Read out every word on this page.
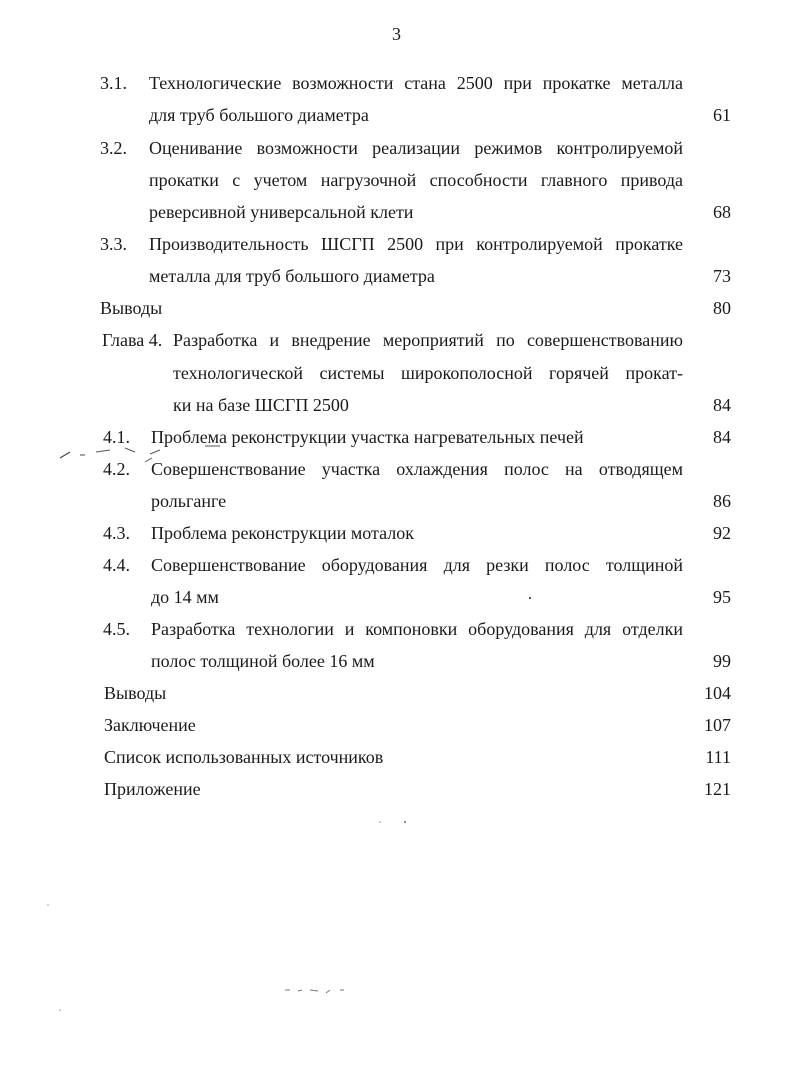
3
3.1. Технологические возможности стана 2500 при прокатке металла
для труб большого диаметра	61
3.2. Оценивание возможности реализации режимов контролируемой
прокатки с учетом нагрузочной способности главного привода
реверсивной универсальной клети	68
3.3. Производительность ШСГП 2500 при контролируемой прокатке
металла для труб большого диаметра	73
Выводы	80
Глава 4. Разработка и внедрение мероприятий по совершенствованию
технологической системы широкополосной горячей прокат-
ки на базе ШСГП 2500	84
4.1. Проблема реконструкции участка нагревательных печей	84
4.2. Совершенствование участка охлаждения полос на отводящем
рольганге	86
4.3. Проблема реконструкции моталок	92
4.4. Совершенствование оборудования для резки полос толщиной
до 14 мм	95
4.5. Разработка технологии и компоновки оборудования для отделки
полос толщиной более 16 мм	99
Выводы	104
Заключение	107
Список использованных источников	111
Приложение	121
